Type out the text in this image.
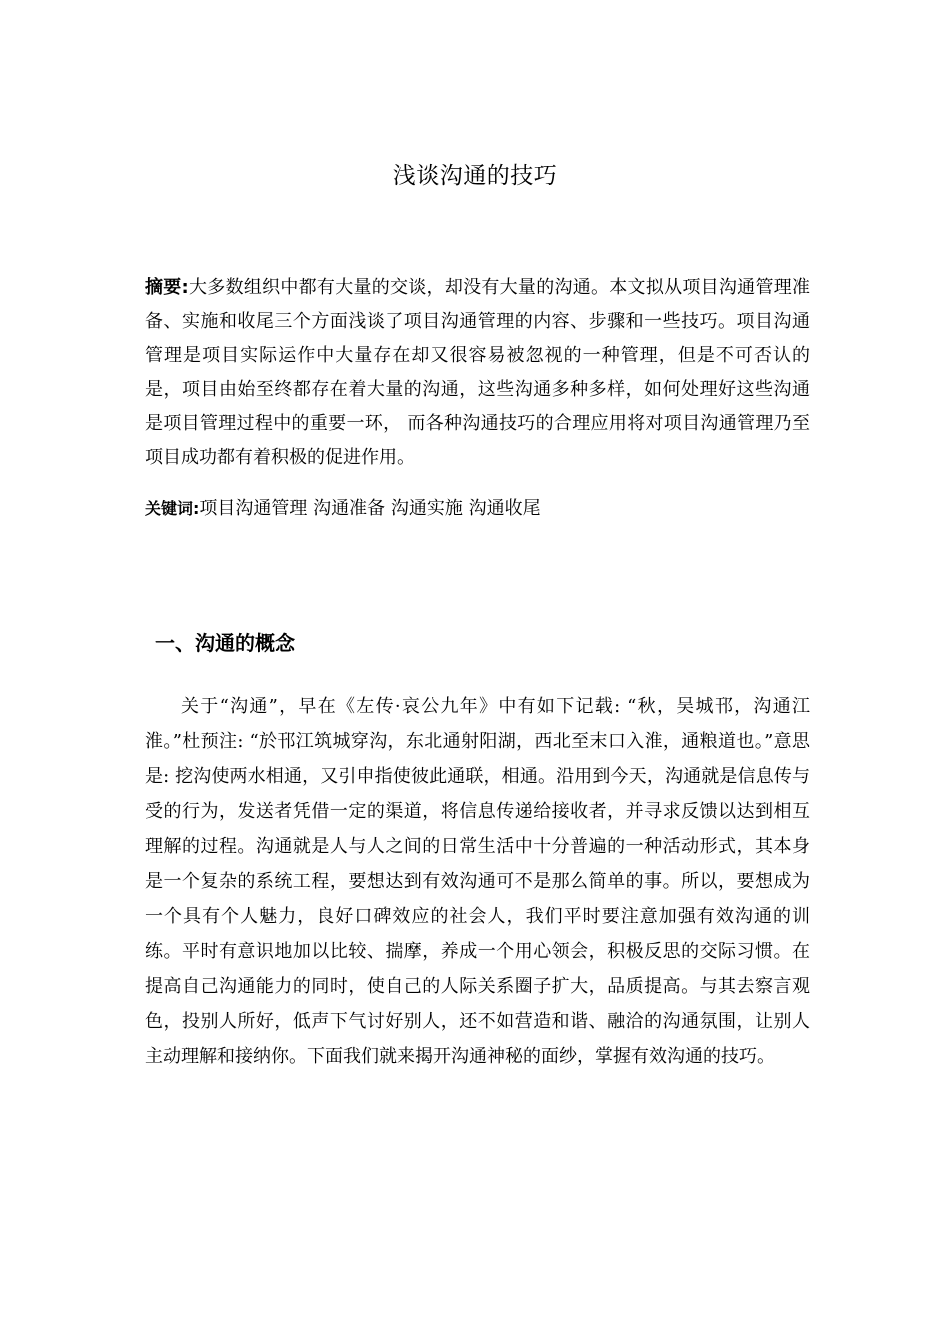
浅谈沟通的技巧

摘要:大多数组织中都有大量的交谈，却没有大量的沟通。本文拟从项目沟通管理准备、实施和收尾三个方面浅谈了项目沟通管理的内容、步骤和一些技巧。项目沟通管理是项目实际运作中大量存在却又很容易被忽视的一种管理，但是不可否认的是，项目由始至终都存在着大量的沟通，这些沟通多种多样，如何处理好这些沟通是项目管理过程中的重要一环， 而各种沟通技巧的合理应用将对项目沟通管理乃至项目成功都有着积极的促进作用。

关键词:项目沟通管理 沟通准备 沟通实施 沟通收尾

一、沟通的概念

关于“沟通”，早在《左传·哀公九年》中有如下记载: “秋，吴城邗，沟通江淮。”杜预注: “於邗江筑城穿沟，东北通射阳湖，西北至末口入淮，通粮道也。”意思是: 挖沟使两水相通，又引申指使彼此通联，相通。沿用到今天，沟通就是信息传与受的行为，发送者凭借一定的渠道，将信息传递给接收者，并寻求反馈以达到相互理解的过程。沟通就是人与人之间的日常生活中十分普遍的一种活动形式，其本身是一个复杂的系统工程，要想达到有效沟通可不是那么简单的事。所以，要想成为一个具有个人魅力，良好口碑效应的社会人，我们平时要注意加强有效沟通的训练。平时有意识地加以比较、揣摩，养成一个用心领会，积极反思的交际习惯。在提高自己沟通能力的同时，使自己的人际关系圈子扩大，品质提高。与其去察言观色，投别人所好，低声下气讨好别人，还不如营造和谐、融洽的沟通氛围，让别人主动理解和接纳你。下面我们就来揭开沟通神秘的面纱，掌握有效沟通的技巧。
